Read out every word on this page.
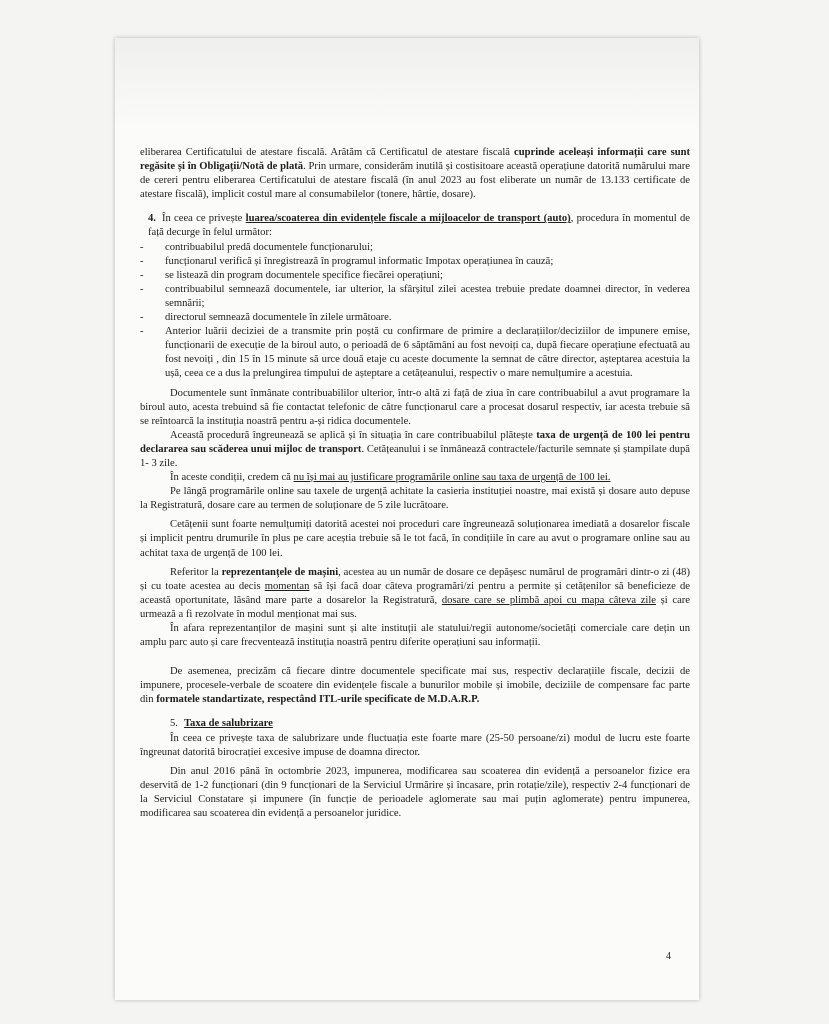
eliberarea Certificatului de atestare fiscală. Arătăm că Certificatul de atestare fiscală cuprinde aceleași informații care sunt regăsite și în Obligații/Notă de plată. Prin urmare, considerăm inutilă și costisitoare această operațiune datorită numărului mare de cereri pentru eliberarea Certificatului de atestare fiscală (în anul 2023 au fost eliberate un număr de 13.133 certificate de atestare fiscală), implicit costul mare al consumabilelor (tonere, hârtie, dosare).

4. În ceea ce privește luarea/scoaterea din evidențele fiscale a mijloacelor de transport (auto), procedura în momentul de față decurge în felul următor:

- contribuabilul predă documentele funcționarului;
- funcționarul verifică și înregistrează în programul informatic Impotax operațiunea în cauză;
- se listează din program documentele specifice fiecărei operațiuni;
- contribuabilul semnează documentele, iar ulterior, la sfârșitul zilei acestea trebuie predate doamnei director, în vederea semnării;
- directorul semnează documentele în zilele următoare.
- Anterior luării deciziei de a transmite prin poștă cu confirmare de primire a declarațiilor/deciziilor de impunere emise, funcționarii de execuție de la biroul auto, o perioadă de 6 săptămâni au fost nevoiți ca, după fiecare operațiune efectuată au fost nevoiți , din 15 în 15 minute să urce două etaje cu aceste documente la semnat de către director, așteptarea acestuia la ușă, ceea ce a dus la prelungirea timpului de așteptare a cetățeanului, respectiv o mare nemulțumire a acestuia.

Documentele sunt înmânate contribuabililor ulterior, într-o altă zi față de ziua în care contribuabilul a avut programare la biroul auto, acesta trebuind să fie contactat telefonic de către funcționarul care a procesat dosarul respectiv, iar acesta trebuie să se reîntoarcă la instituția noastră pentru a-și ridica documentele.

Această procedură îngreunează se aplică și în situația în care contribuabilul plătește taxa de urgență de 100 lei pentru declararea sau scăderea unui mijloc de transport. Cetățeanului i se înmânează contractele/facturile semnate și ștampilate după 1- 3 zile.

În aceste condiții, credem că nu își mai au justificare programările online sau taxa de urgență de 100 lei.

Pe lângă programările online sau taxele de urgență achitate la casieria instituției noastre, mai există și dosare auto depuse la Registratură, dosare care au termen de soluționare de 5 zile lucrătoare.

Cetățenii sunt foarte nemulțumiți datorită acestei noi proceduri care îngreunează soluționarea imediată a dosarelor fiscale și implicit pentru drumurile în plus pe care aceștia trebuie să le tot facă, în condițiile în care au avut o programare online sau au achitat taxa de urgență de 100 lei.

Referitor la reprezentanțele de mașini, acestea au un număr de dosare ce depășesc numărul de programări dintr-o zi (48) și cu toate acestea au decis momentan să își facă doar câteva programări/zi pentru a permite și cetățenilor să beneficieze de această oportunitate, lăsând mare parte a dosarelor la Registratură, dosare care se plimbă apoi cu mapa câteva zile și care urmează a fi rezolvate în modul menționat mai sus.

În afara reprezentanților de mașini sunt și alte instituții ale statului/regii autonome/societăți comerciale care dețin un amplu parc auto și care frecventează instituția noastră pentru diferite operațiuni sau informații.

De asemenea, precizăm că fiecare dintre documentele specificate mai sus, respectiv declarațiile fiscale, decizii de impunere, procesele-verbale de scoatere din evidențele fiscale a bunurilor mobile și imobile, deciziile de compensare fac parte din formatele standartizate, respectând ITL-urile specificate de M.D.A.R.P.

5. Taxa de salubrizare

În ceea ce privește taxa de salubrizare unde fluctuația este foarte mare (25-50 persoane/zi) modul de lucru este foarte îngreunat datorită birocrației excesive impuse de doamna director.

Din anul 2016 până în octombrie 2023, impunerea, modificarea sau scoaterea din evidență a persoanelor fizice era deservită de 1-2 funcționari (din 9 funcționari de la Serviciul Urmărire și încasare, prin rotație/zile), respectiv 2-4 funcționari de la Serviciul Constatare și impunere (în funcție de perioadele aglomerate sau mai puțin aglomerate) pentru impunerea, modificarea sau scoaterea din evidență a persoanelor juridice.

4
